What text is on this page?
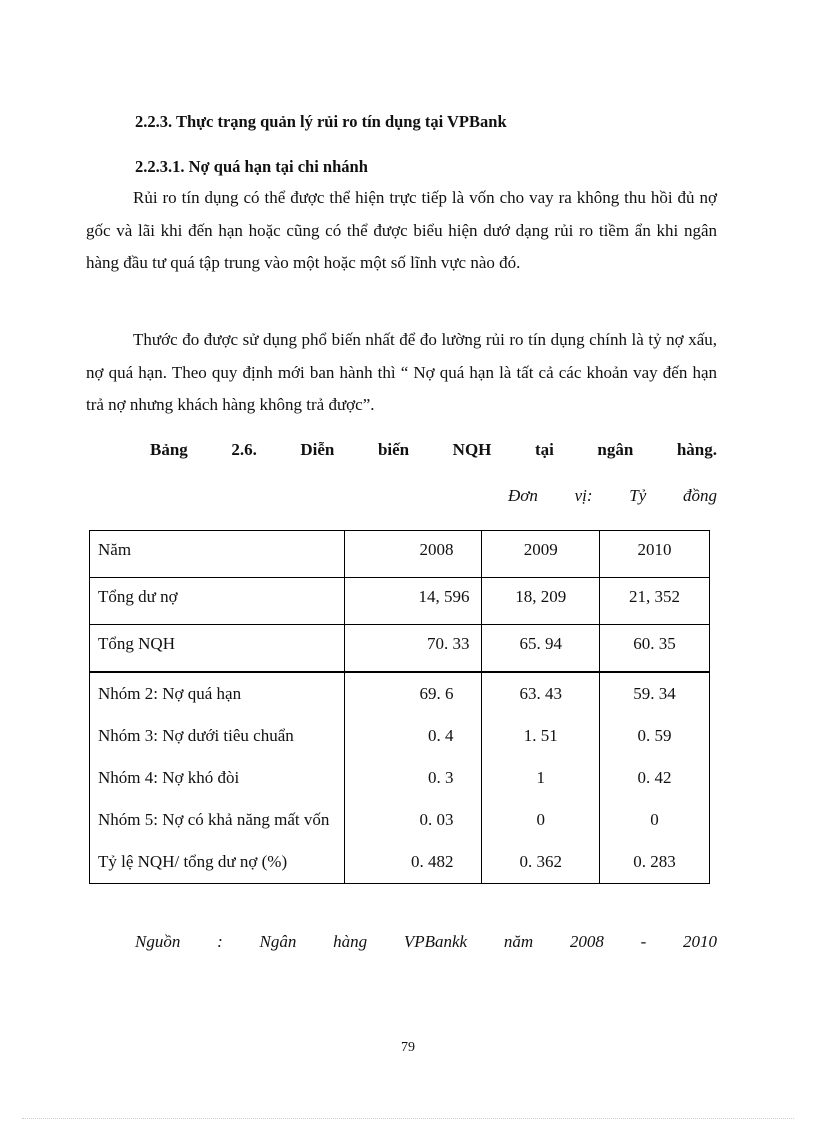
2.2.3. Thực trạng quản lý rủi ro tín dụng tại VPBank

2.2.3.1. Nợ quá hạn tại chi nhánh

Rủi ro tín dụng có thể được thể hiện trực tiếp là vốn cho vay ra không thu hồi đủ nợ gốc và lãi khi đến hạn hoặc cũng có thể được biểu hiện dướ dạng rủi ro tiềm ẩn khi ngân hàng đầu tư quá tập trung vào một hoặc một số lĩnh vực nào đó.

Thước đo được sử dụng phổ biến nhất để đo lường rủi ro tín dụng chính là tỷ nợ xấu, nợ quá hạn. Theo quy định mới ban hành thì “ Nợ quá hạn là tất cả các khoản vay đến hạn trả nợ nhưng khách hàng không trả được”.

Bảng 2.6. Diễn biến NQH tại ngân hàng.

Đơn vị: Tỷ đồng

Năm	2008	2009	2010
Tổng dư nợ	14, 596	18, 209	21, 352
Tổng NQH	70. 33	65. 94	60. 35
Nhóm 2: Nợ quá hạn	69. 6	63. 43	59. 34
Nhóm 3: Nợ dưới tiêu chuẩn	0. 4	1. 51	0. 59
Nhóm 4: Nợ khó đòi	0. 3	1	0. 42
Nhóm 5: Nợ có khả năng mất vốn	0. 03	0	0
Tỷ lệ NQH/ tổng dư nợ (%)	0. 482	0. 362	0. 283

Nguồn : Ngân hàng VPBankk năm 2008 - 2010

79
